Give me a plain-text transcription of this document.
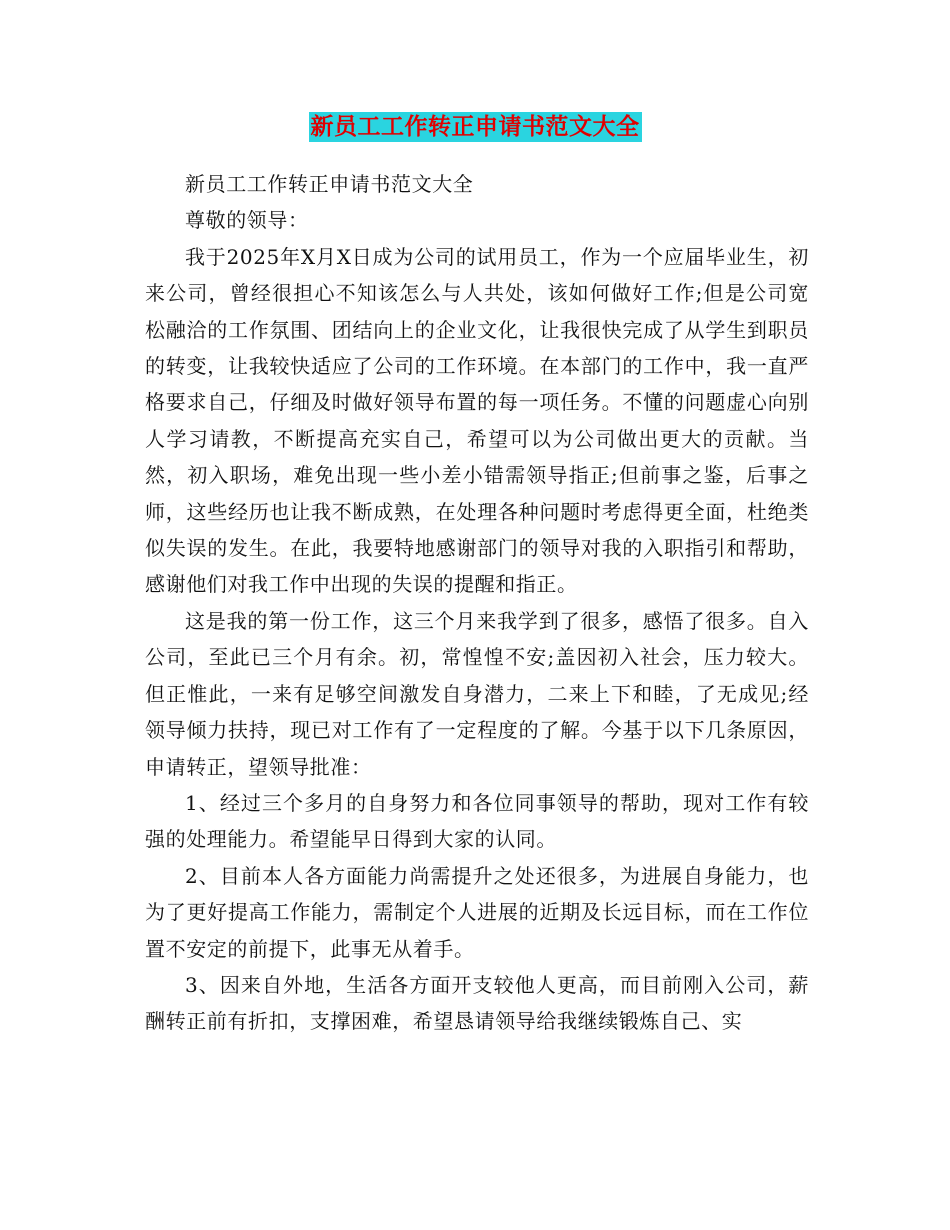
新员工工作转正申请书范文大全

新员工工作转正申请书范文大全

尊敬的领导：

我于2025年X月X日成为公司的试用员工，作为一个应届毕业生，初来公司，曾经很担心不知该怎么与人共处，该如何做好工作;但是公司宽松融洽的工作氛围、团结向上的企业文化，让我很快完成了从学生到职员的转变，让我较快适应了公司的工作环境。在本部门的工作中，我一直严格要求自己，仔细及时做好领导布置的每一项任务。不懂的问题虚心向别人学习请教，不断提高充实自己，希望可以为公司做出更大的贡献。当然，初入职场，难免出现一些小差小错需领导指正;但前事之鉴，后事之师，这些经历也让我不断成熟，在处理各种问题时考虑得更全面，杜绝类似失误的发生。在此，我要特地感谢部门的领导对我的入职指引和帮助，感谢他们对我工作中出现的失误的提醒和指正。

这是我的第一份工作，这三个月来我学到了很多，感悟了很多。自入公司，至此已三个月有余。初，常惶惶不安;盖因初入社会，压力较大。但正惟此，一来有足够空间激发自身潜力，二来上下和睦，了无成见;经领导倾力扶持，现已对工作有了一定程度的了解。今基于以下几条原因，申请转正，望领导批准：

1、经过三个多月的自身努力和各位同事领导的帮助，现对工作有较强的处理能力。希望能早日得到大家的认同。

2、目前本人各方面能力尚需提升之处还很多，为进展自身能力，也为了更好提高工作能力，需制定个人进展的近期及长远目标，而在工作位置不安定的前提下，此事无从着手。

3、因来自外地，生活各方面开支较他人更高，而目前刚入公司，薪酬转正前有折扣，支撑困难，希望恳请领导给我继续锻炼自己、实
